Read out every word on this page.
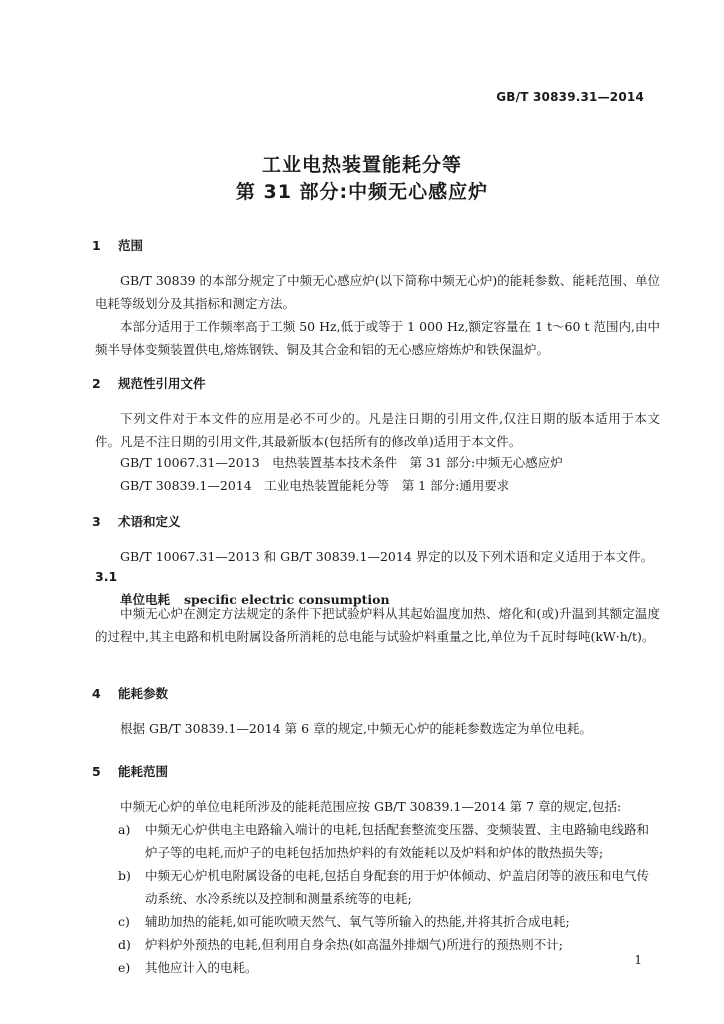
GB/T 30839.31—2014
工业电热装置能耗分等
第 31 部分:中频无心感应炉
1 范围
GB/T 30839 的本部分规定了中频无心感应炉(以下简称中频无心炉)的能耗参数、能耗范围、单位电耗等级划分及其指标和测定方法。
本部分适用于工作频率高于工频 50 Hz,低于或等于 1 000 Hz,额定容量在 1 t～60 t 范围内,由中频半导体变频装置供电,熔炼钢铁、铜及其合金和铝的无心感应熔炼炉和铁保温炉。
2 规范性引用文件
下列文件对于本文件的应用是必不可少的。凡是注日期的引用文件,仅注日期的版本适用于本文件。凡是不注日期的引用文件,其最新版本(包括所有的修改单)适用于本文件。
GB/T 10067.31—2013　电热装置基本技术条件　第 31 部分:中频无心感应炉
GB/T 30839.1—2014　工业电热装置能耗分等　第 1 部分:通用要求
3 术语和定义
GB/T 10067.31—2013 和 GB/T 30839.1—2014 界定的以及下列术语和定义适用于本文件。
3.1
单位电耗 specific electric consumption
中频无心炉在测定方法规定的条件下把试验炉料从其起始温度加热、熔化和(或)升温到其额定温度的过程中,其主电路和机电附属设备所消耗的总电能与试验炉料重量之比,单位为千瓦时每吨(kW·h/t)。
4 能耗参数
根据 GB/T 30839.1—2014 第 6 章的规定,中频无心炉的能耗参数选定为单位电耗。
5 能耗范围
中频无心炉的单位电耗所涉及的能耗范围应按 GB/T 30839.1—2014 第 7 章的规定,包括:
a) 中频无心炉供电主电路输入端计的电耗,包括配套整流变压器、变频装置、主电路输电线路和炉子等的电耗,而炉子的电耗包括加热炉料的有效能耗以及炉料和炉体的散热损失等;
b) 中频无心炉机电附属设备的电耗,包括自身配套的用于炉体倾动、炉盖启闭等的液压和电气传动系统、水冷系统以及控制和测量系统等的电耗;
c) 辅助加热的能耗,如可能吹喷天然气、氧气等所输入的热能,并将其折合成电耗;
d) 炉料炉外预热的电耗,但利用自身余热(如高温外排烟气)所进行的预热则不计;
e) 其他应计入的电耗。	1
